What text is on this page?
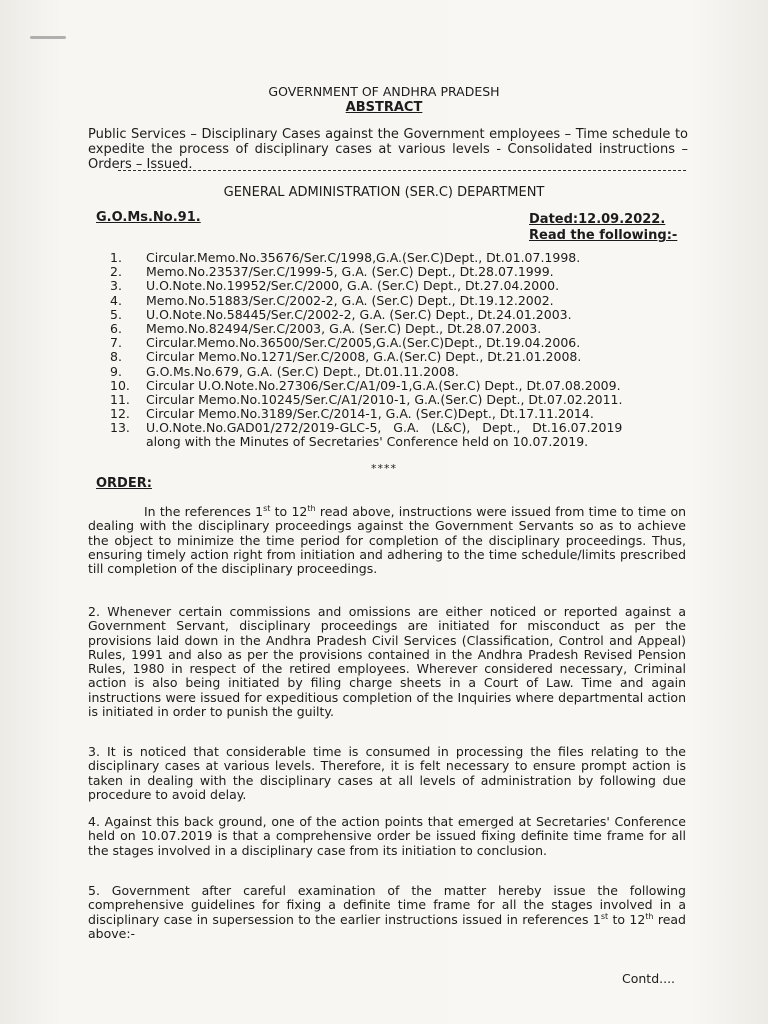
GOVERNMENT OF ANDHRA PRADESH
ABSTRACT
Public Services – Disciplinary Cases against the Government employees – Time schedule to expedite the process of disciplinary cases at various levels - Consolidated instructions – Orders – Issued.
GENERAL ADMINISTRATION (SER.C) DEPARTMENT
G.O.Ms.No.91.	Dated:12.09.2022.
Read the following:-
1.	Circular.Memo.No.35676/Ser.C/1998,G.A.(Ser.C)Dept., Dt.01.07.1998.
2.	Memo.No.23537/Ser.C/1999-5, G.A. (Ser.C) Dept., Dt.28.07.1999.
3.	U.O.Note.No.19952/Ser.C/2000, G.A. (Ser.C) Dept., Dt.27.04.2000.
4.	Memo.No.51883/Ser.C/2002-2, G.A. (Ser.C) Dept., Dt.19.12.2002.
5.	U.O.Note.No.58445/Ser.C/2002-2, G.A. (Ser.C) Dept., Dt.24.01.2003.
6.	Memo.No.82494/Ser.C/2003, G.A. (Ser.C) Dept., Dt.28.07.2003.
7.	Circular.Memo.No.36500/Ser.C/2005,G.A.(Ser.C)Dept., Dt.19.04.2006.
8.	Circular Memo.No.1271/Ser.C/2008, G.A.(Ser.C) Dept., Dt.21.01.2008.
9.	G.O.Ms.No.679, G.A. (Ser.C) Dept., Dt.01.11.2008.
10.	Circular U.O.Note.No.27306/Ser.C/A1/09-1,G.A.(Ser.C) Dept., Dt.07.08.2009.
11.	Circular Memo.No.10245/Ser.C/A1/2010-1, G.A.(Ser.C) Dept., Dt.07.02.2011.
12.	Circular Memo.No.3189/Ser.C/2014-1, G.A. (Ser.C)Dept., Dt.17.11.2014.
13.	U.O.Note.No.GAD01/272/2019-GLC-5,   G.A.   (L&C),   Dept.,   Dt.16.07.2019
along with the Minutes of Secretaries' Conference held on 10.07.2019.
****
ORDER:
In the references 1st to 12th read above, instructions were issued from time to time on dealing with the disciplinary proceedings against the Government Servants so as to achieve the object to minimize the time period for completion of the disciplinary proceedings. Thus, ensuring timely action right from initiation and adhering to the time schedule/limits prescribed till completion of the disciplinary proceedings.
2. Whenever certain commissions and omissions are either noticed or reported against a Government Servant, disciplinary proceedings are initiated for misconduct as per the provisions laid down in the Andhra Pradesh Civil Services (Classification, Control and Appeal) Rules, 1991 and also as per the provisions contained in the Andhra Pradesh Revised Pension Rules, 1980 in respect of the retired employees. Wherever considered necessary, Criminal action is also being initiated by filing charge sheets in a Court of Law. Time and again instructions were issued for expeditious completion of the Inquiries where departmental action is initiated in order to punish the guilty.
3. It is noticed that considerable time is consumed in processing the files relating to the disciplinary cases at various levels. Therefore, it is felt necessary to ensure prompt action is taken in dealing with the disciplinary cases at all levels of administration by following due procedure to avoid delay.
4. Against this back ground, one of the action points that emerged at Secretaries' Conference held on 10.07.2019 is that a comprehensive order be issued fixing definite time frame for all the stages involved in a disciplinary case from its initiation to conclusion.
5. Government after careful examination of the matter hereby issue the following comprehensive guidelines for fixing a definite time frame for all the stages involved in a disciplinary case in supersession to the earlier instructions issued in references 1st to 12th read above:-
Contd....
